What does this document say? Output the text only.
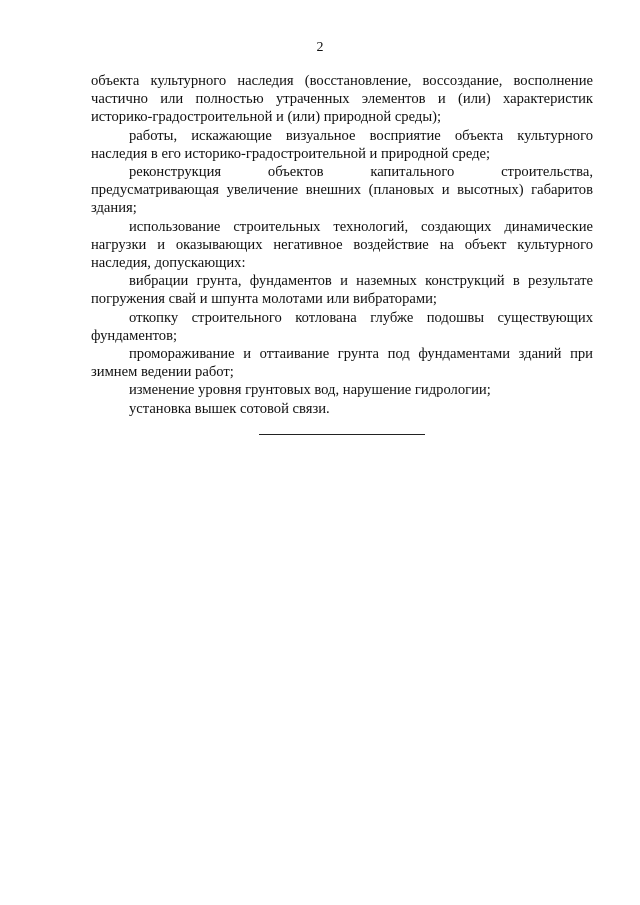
2

объекта культурного наследия (восстановление, воссоздание, восполнение частично или полностью утраченных элементов и (или) характеристик историко-градостроительной и (или) природной среды);

работы, искажающие визуальное восприятие объекта культурного наследия в его историко-градостроительной и природной среде;

реконструкция объектов капитального строительства, предусматривающая увеличение внешних (плановых и высотных) габаритов здания;

использование строительных технологий, создающих динамические нагрузки и оказывающих негативное воздействие на объект культурного наследия, допускающих:

вибрации грунта, фундаментов и наземных конструкций в результате погружения свай и шпунта молотами или вибраторами;

откопку строительного котлована глубже подошвы существующих фундаментов;

промораживание и оттаивание грунта под фундаментами зданий при зимнем ведении работ;

изменение уровня грунтовых вод, нарушение гидрологии;

установка вышек сотовой связи.
